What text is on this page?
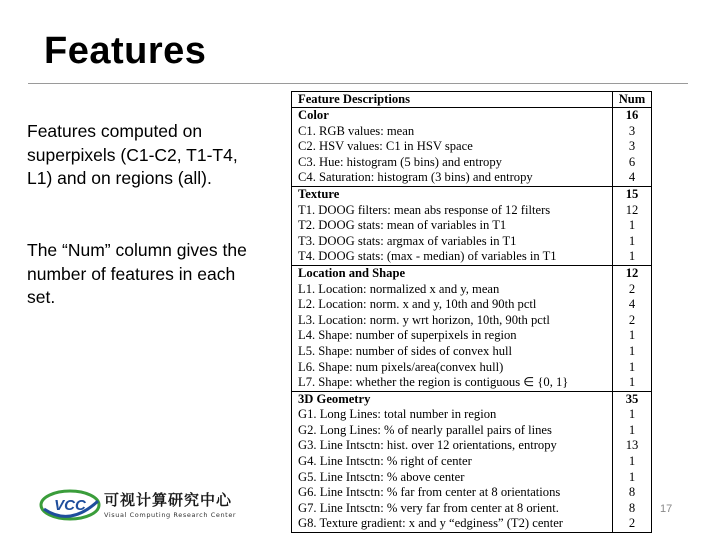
Features
Features computed on superpixels (C1-C2, T1-T4, L1) and on regions (all).
The “Num” column gives the number of features in each set.
Feature Descriptions	Num
Color	16
C1. RGB values: mean	3
C2. HSV values: C1 in HSV space	3
C3. Hue: histogram (5 bins) and entropy	6
C4. Saturation: histogram (3 bins) and entropy	4
Texture	15
T1. DOOG filters: mean abs response of 12 filters	12
T2. DOOG stats: mean of variables in T1	1
T3. DOOG stats: argmax of variables in T1	1
T4. DOOG stats: (max - median) of variables in T1	1
Location and Shape	12
L1. Location: normalized x and y, mean	2
L2. Location: norm. x and y, 10th and 90th pctl	4
L3. Location: norm. y wrt horizon, 10th, 90th pctl	2
L4. Shape: number of superpixels in region	1
L5. Shape: number of sides of convex hull	1
L6. Shape: num pixels/area(convex hull)	1
L7. Shape: whether the region is contiguous ∈ {0, 1}	1
3D Geometry	35
G1. Long Lines: total number in region	1
G2. Long Lines: % of nearly parallel pairs of lines	1
G3. Line Intsctn: hist. over 12 orientations, entropy	13
G4. Line Intsctn: % right of center	1
G5. Line Intsctn: % above center	1
G6. Line Intsctn: % far from center at 8 orientations	8
G7. Line Intsctn: % very far from center at 8 orient.	8
G8. Texture gradient: x and y “edginess” (T2) center	2
VCC 可视计算研究中心
Visual Computing Research Center	17
